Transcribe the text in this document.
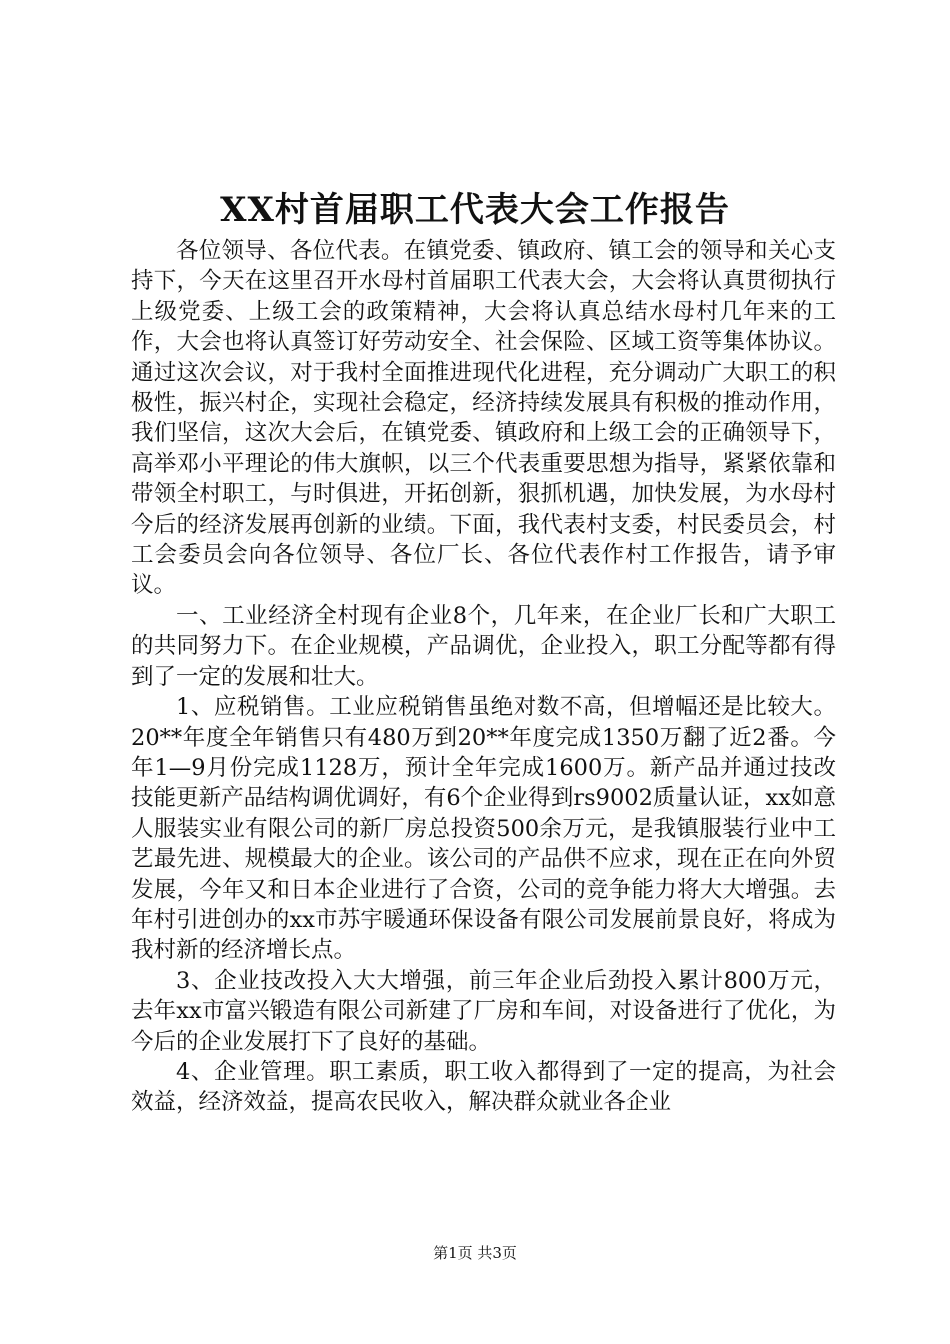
XX村首届职工代表大会工作报告

各位领导、各位代表。在镇党委、镇政府、镇工会的领导和关心支持下，今天在这里召开水母村首届职工代表大会，大会将认真贯彻执行上级党委、上级工会的政策精神，大会将认真总结水母村几年来的工作，大会也将认真签订好劳动安全、社会保险、区域工资等集体协议。通过这次会议，对于我村全面推进现代化进程，充分调动广大职工的积极性，振兴村企，实现社会稳定，经济持续发展具有积极的推动作用，我们坚信，这次大会后，在镇党委、镇政府和上级工会的正确领导下，高举邓小平理论的伟大旗帜，以三个代表重要思想为指导，紧紧依靠和带领全村职工，与时俱进，开拓创新，狠抓机遇，加快发展，为水母村今后的经济发展再创新的业绩。下面，我代表村支委，村民委员会，村工会委员会向各位领导、各位厂长、各位代表作村工作报告，请予审议。

一、工业经济全村现有企业8个，几年来，在企业厂长和广大职工的共同努力下。在企业规模，产品调优，企业投入，职工分配等都有得到了一定的发展和壮大。

1、应税销售。工业应税销售虽绝对数不高，但增幅还是比较大。20**年度全年销售只有480万到20**年度完成1350万翻了近2番。今年1—9月份完成1128万，预计全年完成1600万。新产品并通过技改技能更新产品结构调优调好，有6个企业得到rs9002质量认证，xx如意人服装实业有限公司的新厂房总投资500余万元，是我镇服装行业中工艺最先进、规模最大的企业。该公司的产品供不应求，现在正在向外贸发展，今年又和日本企业进行了合资，公司的竞争能力将大大增强。去年村引进创办的xx市苏宇暖通环保设备有限公司发展前景良好，将成为我村新的经济增长点。

3、企业技改投入大大增强，前三年企业后劲投入累计800万元，去年xx市富兴锻造有限公司新建了厂房和车间，对设备进行了优化，为今后的企业发展打下了良好的基础。

4、企业管理。职工素质，职工收入都得到了一定的提高，为社会效益，经济效益，提高农民收入，解决群众就业各企业

第1页 共3页
